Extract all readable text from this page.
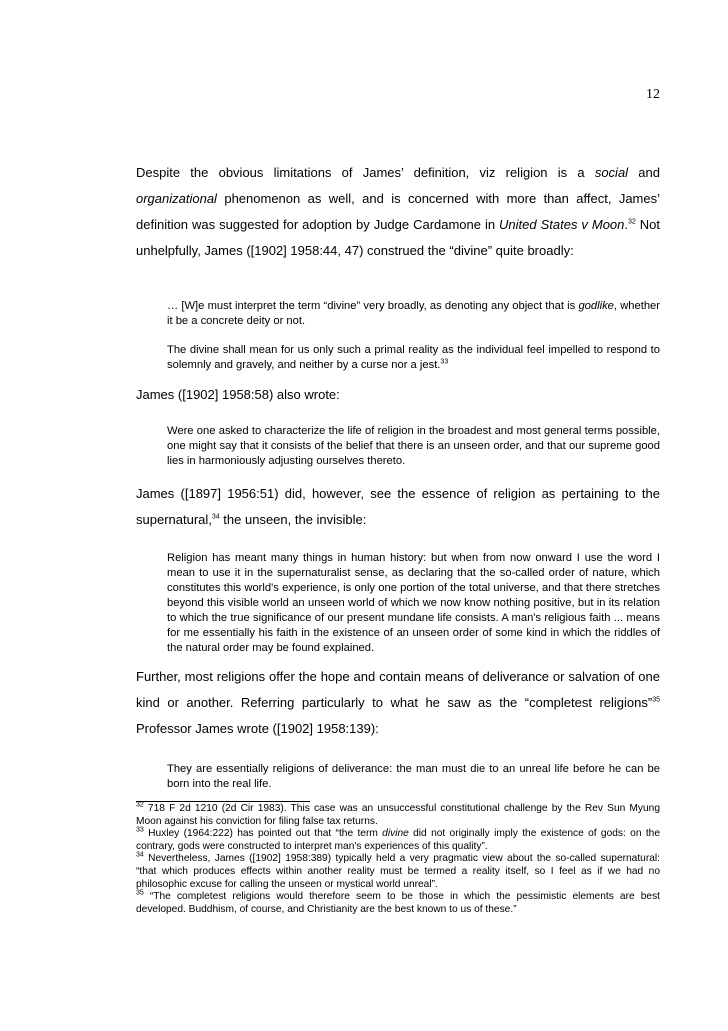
12

Despite the obvious limitations of James’ definition, viz religion is a social and organizational phenomenon as well, and is concerned with more than affect, James’ definition was suggested for adoption by Judge Cardamone in United States v Moon.$^{32}$ Not unhelpfully, James ([1902] 1958:44, 47) construed the “divine” quite broadly:

… [W]e must interpret the term “divine” very broadly, as denoting any object that is godlike, whether it be a concrete deity or not.

The divine shall mean for us only such a primal reality as the individual feel impelled to respond to solemnly and gravely, and neither by a curse nor a jest.$^{33}$

James ([1902] 1958:58) also wrote:

Were one asked to characterize the life of religion in the broadest and most general terms possible, one might say that it consists of the belief that there is an unseen order, and that our supreme good lies in harmoniously adjusting ourselves thereto.

James ([1897] 1956:51) did, however, see the essence of religion as pertaining to the supernatural,$^{34}$ the unseen, the invisible:

Religion has meant many things in human history: but when from now onward I use the word I mean to use it in the supernaturalist sense, as declaring that the so-called order of nature, which constitutes this world's experience, is only one portion of the total universe, and that there stretches beyond this visible world an unseen world of which we now know nothing positive, but in its relation to which the true significance of our present mundane life consists. A man's religious faith ... means for me essentially his faith in the existence of an unseen order of some kind in which the riddles of the natural order may be found explained.

Further, most religions offer the hope and contain means of deliverance or salvation of one kind or another. Referring particularly to what he saw as the “completest religions”$^{35}$ Professor James wrote ([1902] 1958:139):

They are essentially religions of deliverance: the man must die to an unreal life before he can be born into the real life.

$^{32}$ 718 F 2d 1210 (2d Cir 1983). This case was an unsuccessful constitutional challenge by the Rev Sun Myung Moon against his conviction for filing false tax returns.

$^{33}$ Huxley (1964:222) has pointed out that “the term divine did not originally imply the existence of gods: on the contrary, gods were constructed to interpret man's experiences of this quality”.

$^{34}$ Nevertheless, James ([1902] 1958:389) typically held a very pragmatic view about the so-called supernatural: “that which produces effects within another reality must be termed a reality itself, so I feel as if we had no philosophic excuse for calling the unseen or mystical world unreal”.

$^{35}$ “The completest religions would therefore seem to be those in which the pessimistic elements are best developed. Buddhism, of course, and Christianity are the best known to us of these.”
